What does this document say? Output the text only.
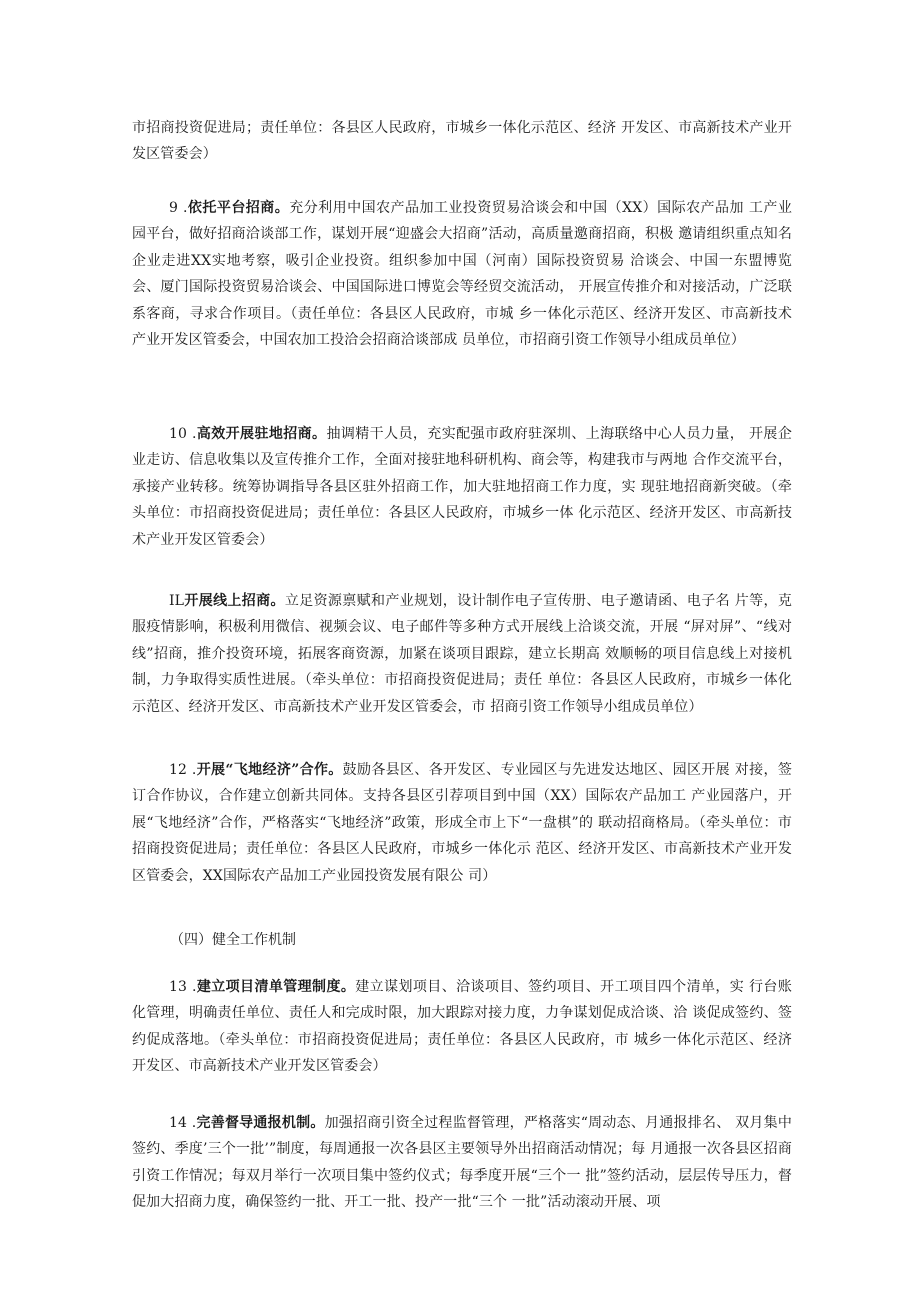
市招商投资促进局；责任单位：各县区人民政府，市城乡一体化示范区、经济 开发区、市高新技术产业开发区管委会）

9 .依托平台招商。充分利用中国农产品加工业投资贸易洽谈会和中国（XX）国际农产品加 工产业园平台，做好招商洽谈部工作，谋划开展“迎盛会大招商”活动，高质量邀商招商，积极 邀请组织重点知名企业走进XX实地考察，吸引企业投资。组织参加中国（河南）国际投资贸易 洽谈会、中国一东盟博览会、厦门国际投资贸易洽谈会、中国国际进口博览会等经贸交流活动， 开展宣传推介和对接活动，广泛联系客商，寻求合作项目。（责任单位：各县区人民政府，市城 乡一体化示范区、经济开发区、市高新技术产业开发区管委会，中国农加工投洽会招商洽谈部成 员单位，市招商引资工作领导小组成员单位）

10 .高效开展驻地招商。抽调精干人员，充实配强市政府驻深圳、上海联络中心人员力量， 开展企业走访、信息收集以及宣传推介工作，全面对接驻地科研机构、商会等，构建我市与两地 合作交流平台，承接产业转移。统筹协调指导各县区驻外招商工作，加大驻地招商工作力度，实 现驻地招商新突破。（牵头单位：市招商投资促进局；责任单位：各县区人民政府，市城乡一体 化示范区、经济开发区、市高新技术产业开发区管委会）

IL开展线上招商。立足资源禀赋和产业规划，设计制作电子宣传册、电子邀请函、电子名 片等，克服疫情影响，积极利用微信、视频会议、电子邮件等多种方式开展线上洽谈交流，开展 “屏对屏”、“线对线”招商，推介投资环境，拓展客商资源，加紧在谈项目跟踪，建立长期高 效顺畅的项目信息线上对接机制，力争取得实质性进展。（牵头单位：市招商投资促进局；责任 单位：各县区人民政府，市城乡一体化示范区、经济开发区、市高新技术产业开发区管委会，市 招商引资工作领导小组成员单位）

12 .开展“飞地经济”合作。鼓励各县区、各开发区、专业园区与先进发达地区、园区开展 对接，签订合作协议，合作建立创新共同体。支持各县区引荐项目到中国（XX）国际农产品加工 产业园落户，开展“飞地经济”合作，严格落实“飞地经济”政策，形成全市上下“一盘棋”的 联动招商格局。（牵头单位：市招商投资促进局；责任单位：各县区人民政府，市城乡一体化示 范区、经济开发区、市高新技术产业开发区管委会，XX国际农产品加工产业园投资发展有限公 司）

（四）健全工作机制

13 .建立项目清单管理制度。建立谋划项目、洽谈项目、签约项目、开工项目四个清单，实 行台账化管理，明确责任单位、责任人和完成时限，加大跟踪对接力度，力争谋划促成洽谈、洽 谈促成签约、签约促成落地。（牵头单位：市招商投资促进局；责任单位：各县区人民政府，市 城乡一体化示范区、经济开发区、市高新技术产业开发区管委会）

14 .完善督导通报机制。加强招商引资全过程监督管理，严格落实“周动态、月通报排名、 双月集中签约、季度’三个一批’”制度，每周通报一次各县区主要领导外出招商活动情况；每 月通报一次各县区招商引资工作情况；每双月举行一次项目集中签约仪式；每季度开展“三个一 批”签约活动，层层传导压力，督促加大招商力度，确保签约一批、开工一批、投产一批“三个 一批”活动滚动开展、项
